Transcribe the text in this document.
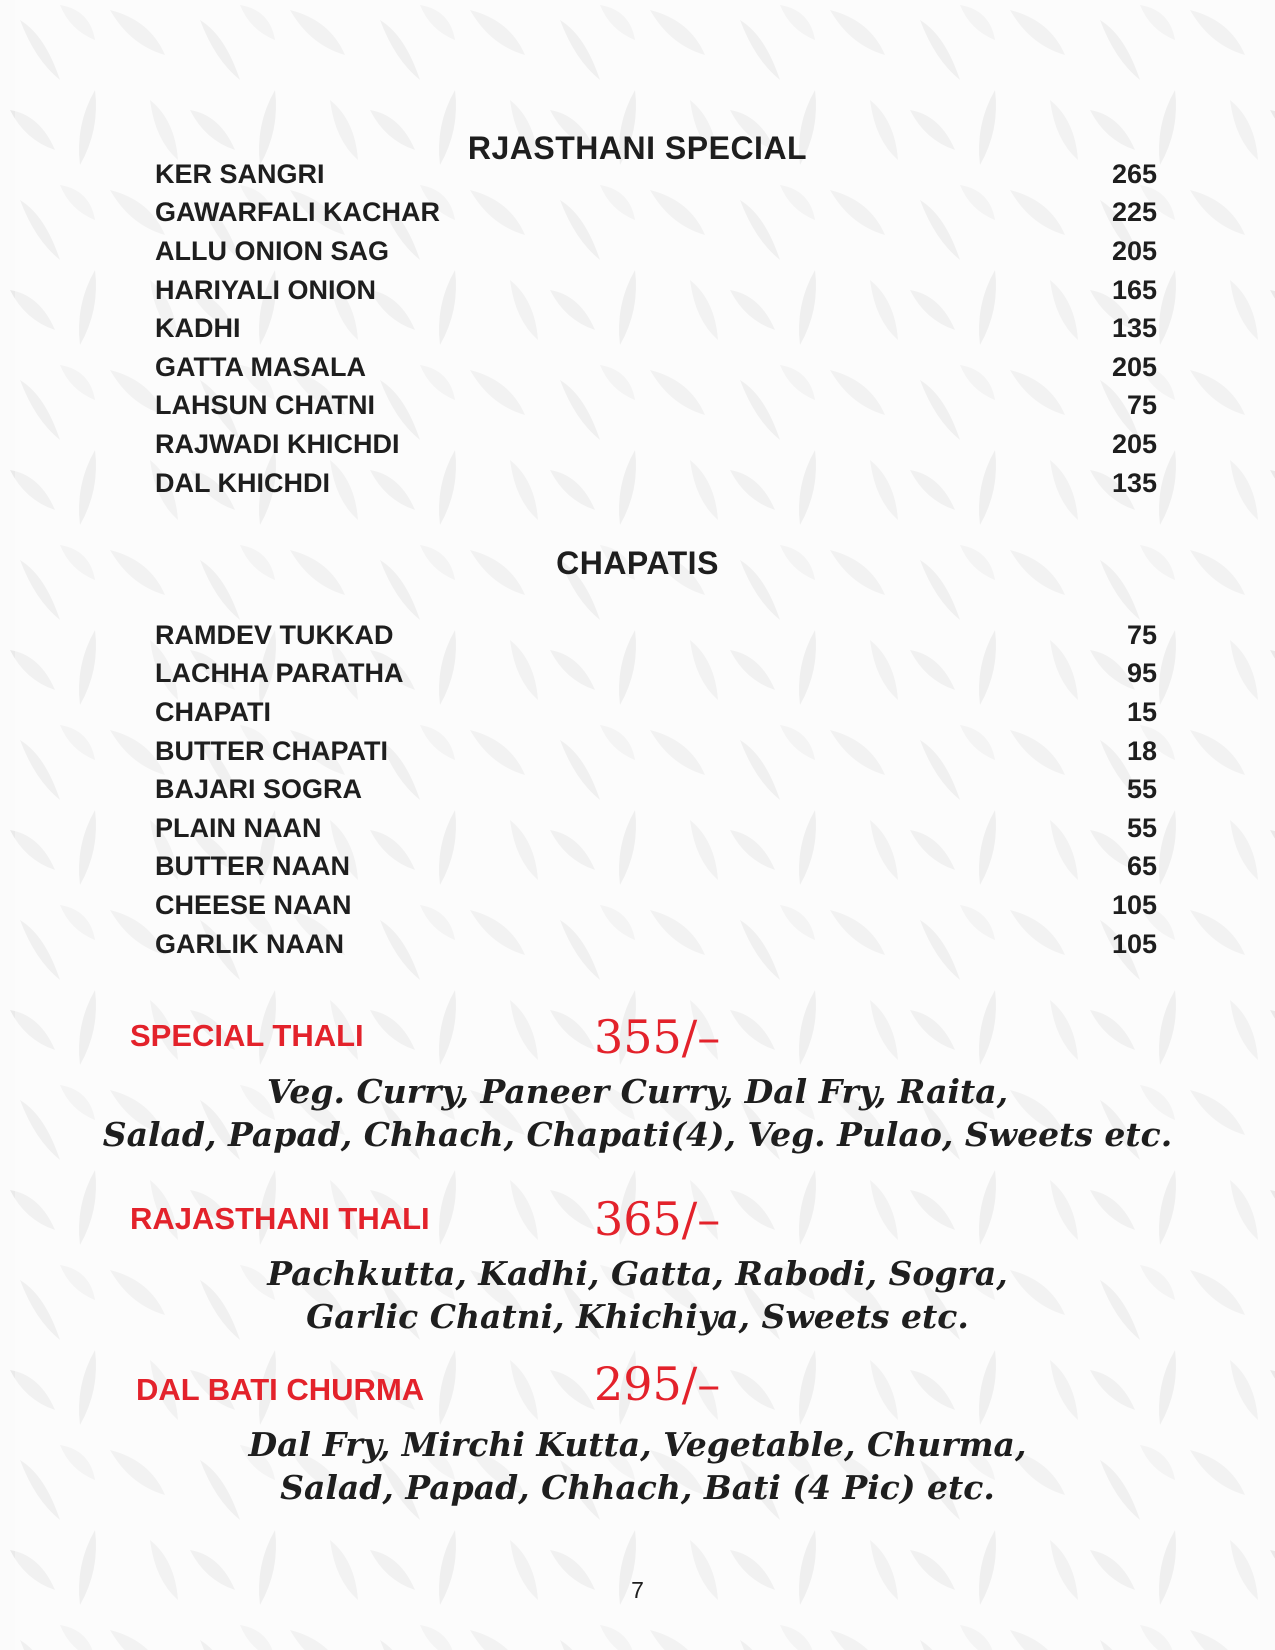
RJASTHANI SPECIAL
KER SANGRI	265
GAWARFALI KACHAR	225
ALLU ONION SAG	205
HARIYALI ONION	165
KADHI	135
GATTA MASALA	205
LAHSUN CHATNI	75
RAJWADI KHICHDI	205
DAL KHICHDI	135
CHAPATIS
RAMDEV TUKKAD	75
LACHHA PARATHA	95
CHAPATI	15
BUTTER CHAPATI	18
BAJARI SOGRA	55
PLAIN NAAN	55
BUTTER NAAN	65
CHEESE NAAN	105
GARLIK NAAN	105
SPECIAL THALI	355/–
Veg. Curry, Paneer Curry, Dal Fry, Raita,
Salad, Papad, Chhach, Chapati(4), Veg. Pulao, Sweets etc.
RAJASTHANI THALI	365/–
Pachkutta, Kadhi, Gatta, Rabodi, Sogra,
Garlic Chatni, Khichiya, Sweets etc.
DAL BATI CHURMA	295/–
Dal Fry, Mirchi Kutta, Vegetable, Churma,
Salad, Papad, Chhach, Bati (4 Pic) etc.
7
